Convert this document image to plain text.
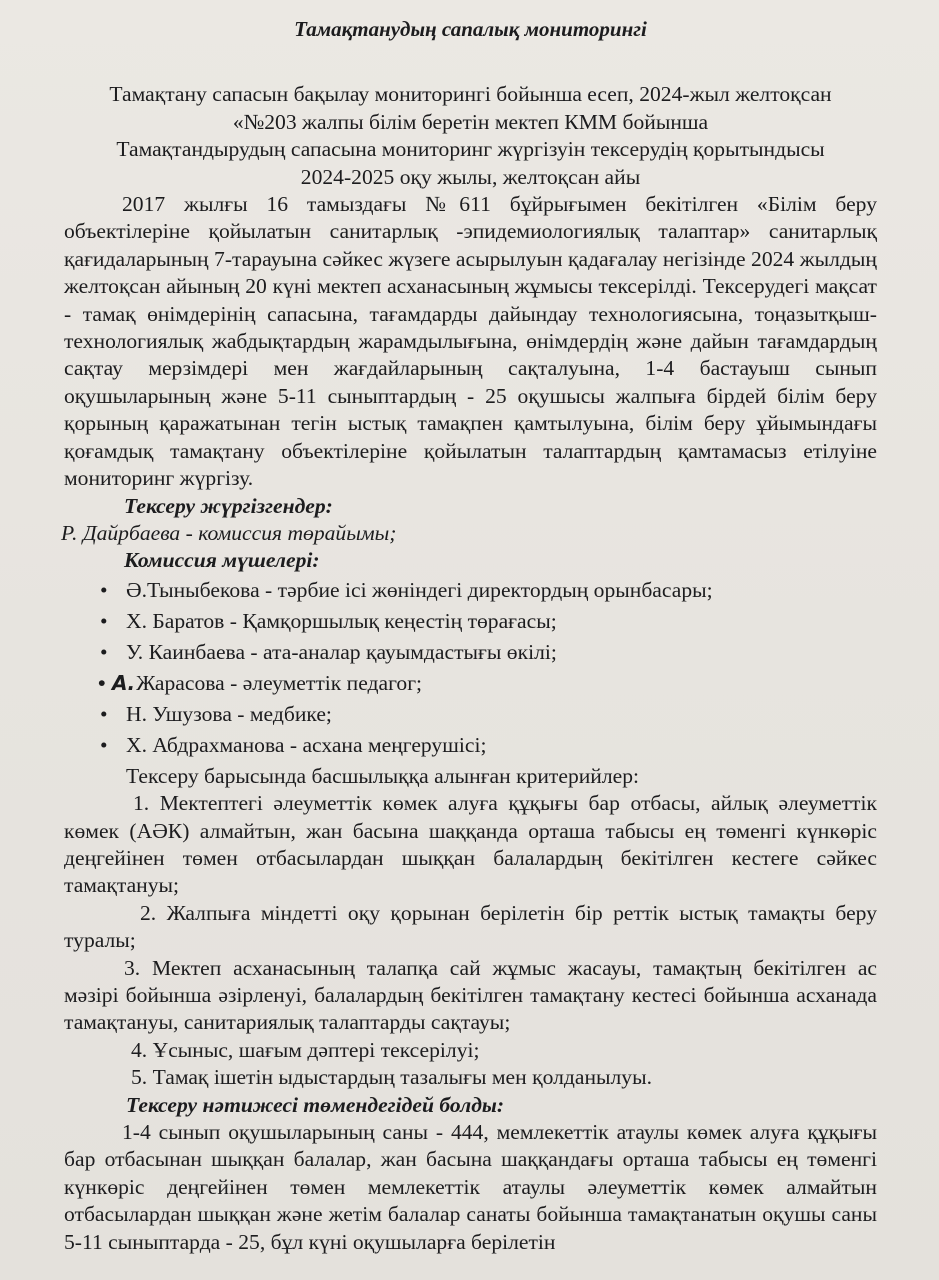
Тамақтанудың сапалық мониторингі

Тамақтану сапасын бақылау мониторингі бойынша есеп, 2024-жыл желтоқсан

«№203 жалпы білім беретін мектеп КММ бойынша

Тамақтандырудың сапасына мониторинг жүргізуін тексерудің қорытындысы

2024-2025 оқу жылы, желтоқсан айы

2017 жылғы 16 тамыздағы №611 бұйрығымен бекітілген «Білім беру объектілеріне қойылатын санитарлық -эпидемиологиялық талаптар» санитарлық қағидаларының 7-тарауына сәйкес жүзеге асырылуын қадағалау негізінде 2024 жылдың желтоқсан айының 20 күні мектеп асханасының жұмысы тексерілді. Тексерудегі мақсат - тамақ өнімдерінің сапасына, тағамдарды дайындау технологиясына, тоңазытқыш-технологиялық жабдықтардың жарамдылығына, өнімдердің және дайын тағамдардың сақтау мерзімдері мен жағдайларының сақталуына, 1-4 бастауыш сынып оқушыларының және 5-11 сыныптардың - 25 оқушысы жалпыға бірдей білім беру қорының қаражатынан тегін ыстық тамақпен қамтылуына, білім беру ұйымындағы қоғамдық тамақтану объектілеріне қойылатын талаптардың қамтамасыз етілуіне мониторинг жүргізу.

Тексеру жүргізгендер:

Р. Дайрбаева - комиссия төрайымы;

Комиссия мүшелері:

• Ә.Тыныбекова - тәрбие ісі жөніндегі директордың орынбасары;
• Х. Баратов - Қамқоршылық кеңестің төрағасы;
• У. Каинбаева - ата-аналар қауымдастығы өкілі;
• А.Жарасова - әлеуметтік педагог;
• Н. Ушузова - медбике;
• Х. Абдрахманова - асхана меңгерушісі;

Тексеру барысында басшылыққа алынған критерийлер:

1. Мектептегі әлеуметтік көмек алуға құқығы бар отбасы, айлық әлеуметтік көмек (АӘК) алмайтын, жан басына шаққанда орташа табысы ең төменгі күнкөріс деңгейінен төмен отбасылардан шыққан балалардың бекітілген кестеге сәйкес тамақтануы;

2. Жалпыға міндетті оқу қорынан берілетін бір реттік ыстық тамақты беру туралы;

3. Мектеп асханасының талапқа сай жұмыс жасауы, тамақтың бекітілген ас мәзірі бойынша әзірленуі, балалардың бекітілген тамақтану кестесі бойынша асханада тамақтануы, санитариялық талаптарды сақтауы;

4. Ұсыныс, шағым дәптері тексерілуі;

5. Тамақ ішетін ыдыстардың тазалығы мен қолданылуы.

Тексеру нәтижесі төмендегідей болды:

1-4 сынып оқушыларының саны - 444, мемлекеттік атаулы көмек алуға құқығы бар отбасынан шыққан балалар, жан басына шаққандағы орташа табысы ең төменгі күнкөріс деңгейінен төмен мемлекеттік атаулы әлеуметтік көмек алмайтын отбасылардан шыққан және жетім балалар санаты бойынша тамақтанатын оқушы саны 5-11 сыныптарда - 25, бұл күні оқушыларға берілетін
